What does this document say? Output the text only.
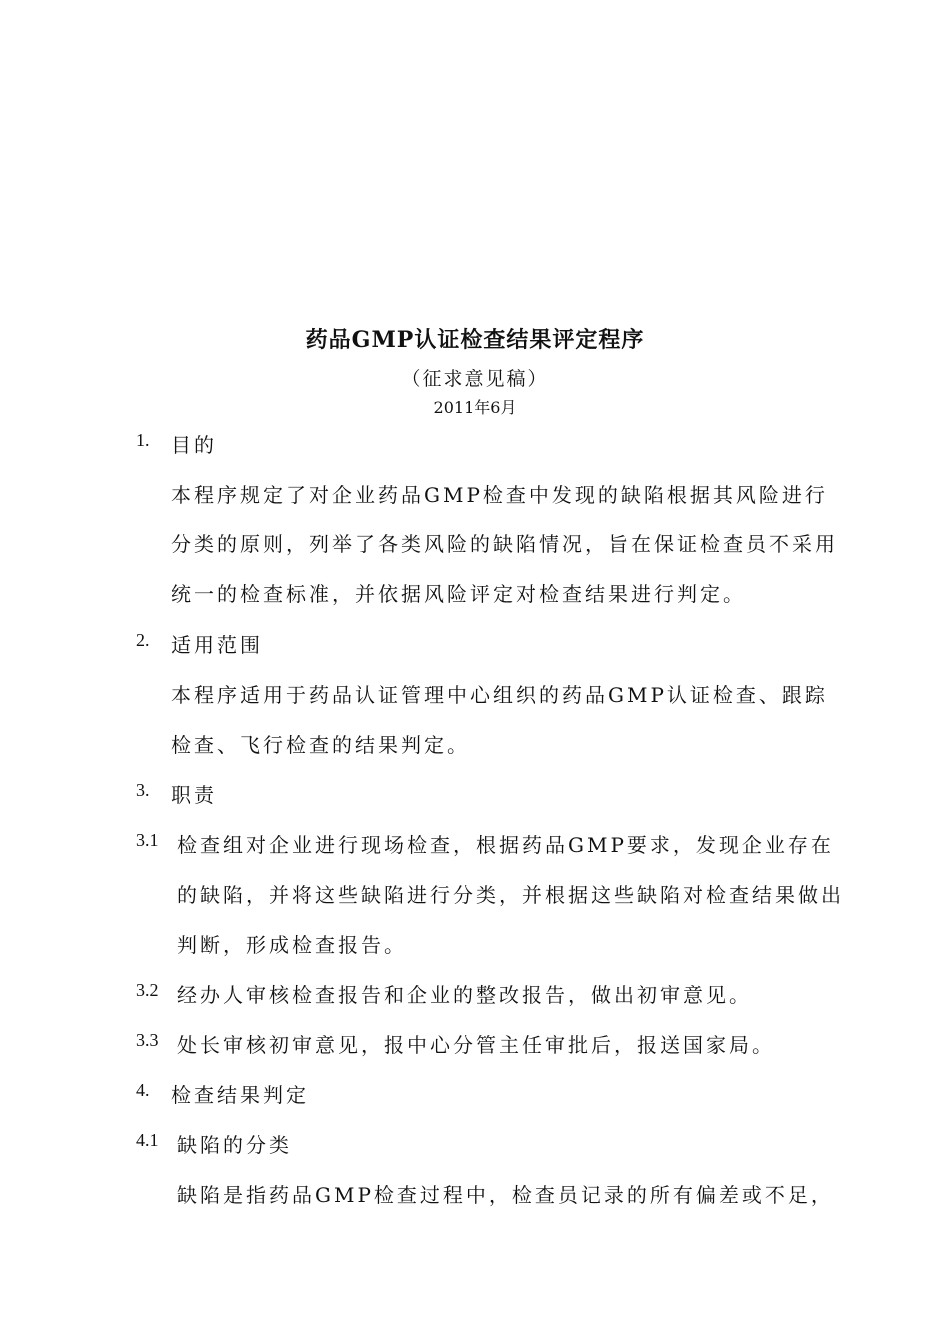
药品GMP认证检查结果评定程序
（征求意见稿）
2011年6月
1. 目的
本程序规定了对企业药品GMP检查中发现的缺陷根据其风险进行
分类的原则，列举了各类风险的缺陷情况，旨在保证检查员不采用
统一的检查标准，并依据风险评定对检查结果进行判定。
2. 适用范围
本程序适用于药品认证管理中心组织的药品GMP认证检查、跟踪
检查、飞行检查的结果判定。
3. 职责
3.1 检查组对企业进行现场检查，根据药品GMP要求，发现企业存在
的缺陷，并将这些缺陷进行分类，并根据这些缺陷对检查结果做出
判断，形成检查报告。
3.2 经办人审核检查报告和企业的整改报告，做出初审意见。
3.3 处长审核初审意见，报中心分管主任审批后，报送国家局。
4. 检查结果判定
4.1 缺陷的分类
缺陷是指药品GMP检查过程中，检查员记录的所有偏差或不足，
